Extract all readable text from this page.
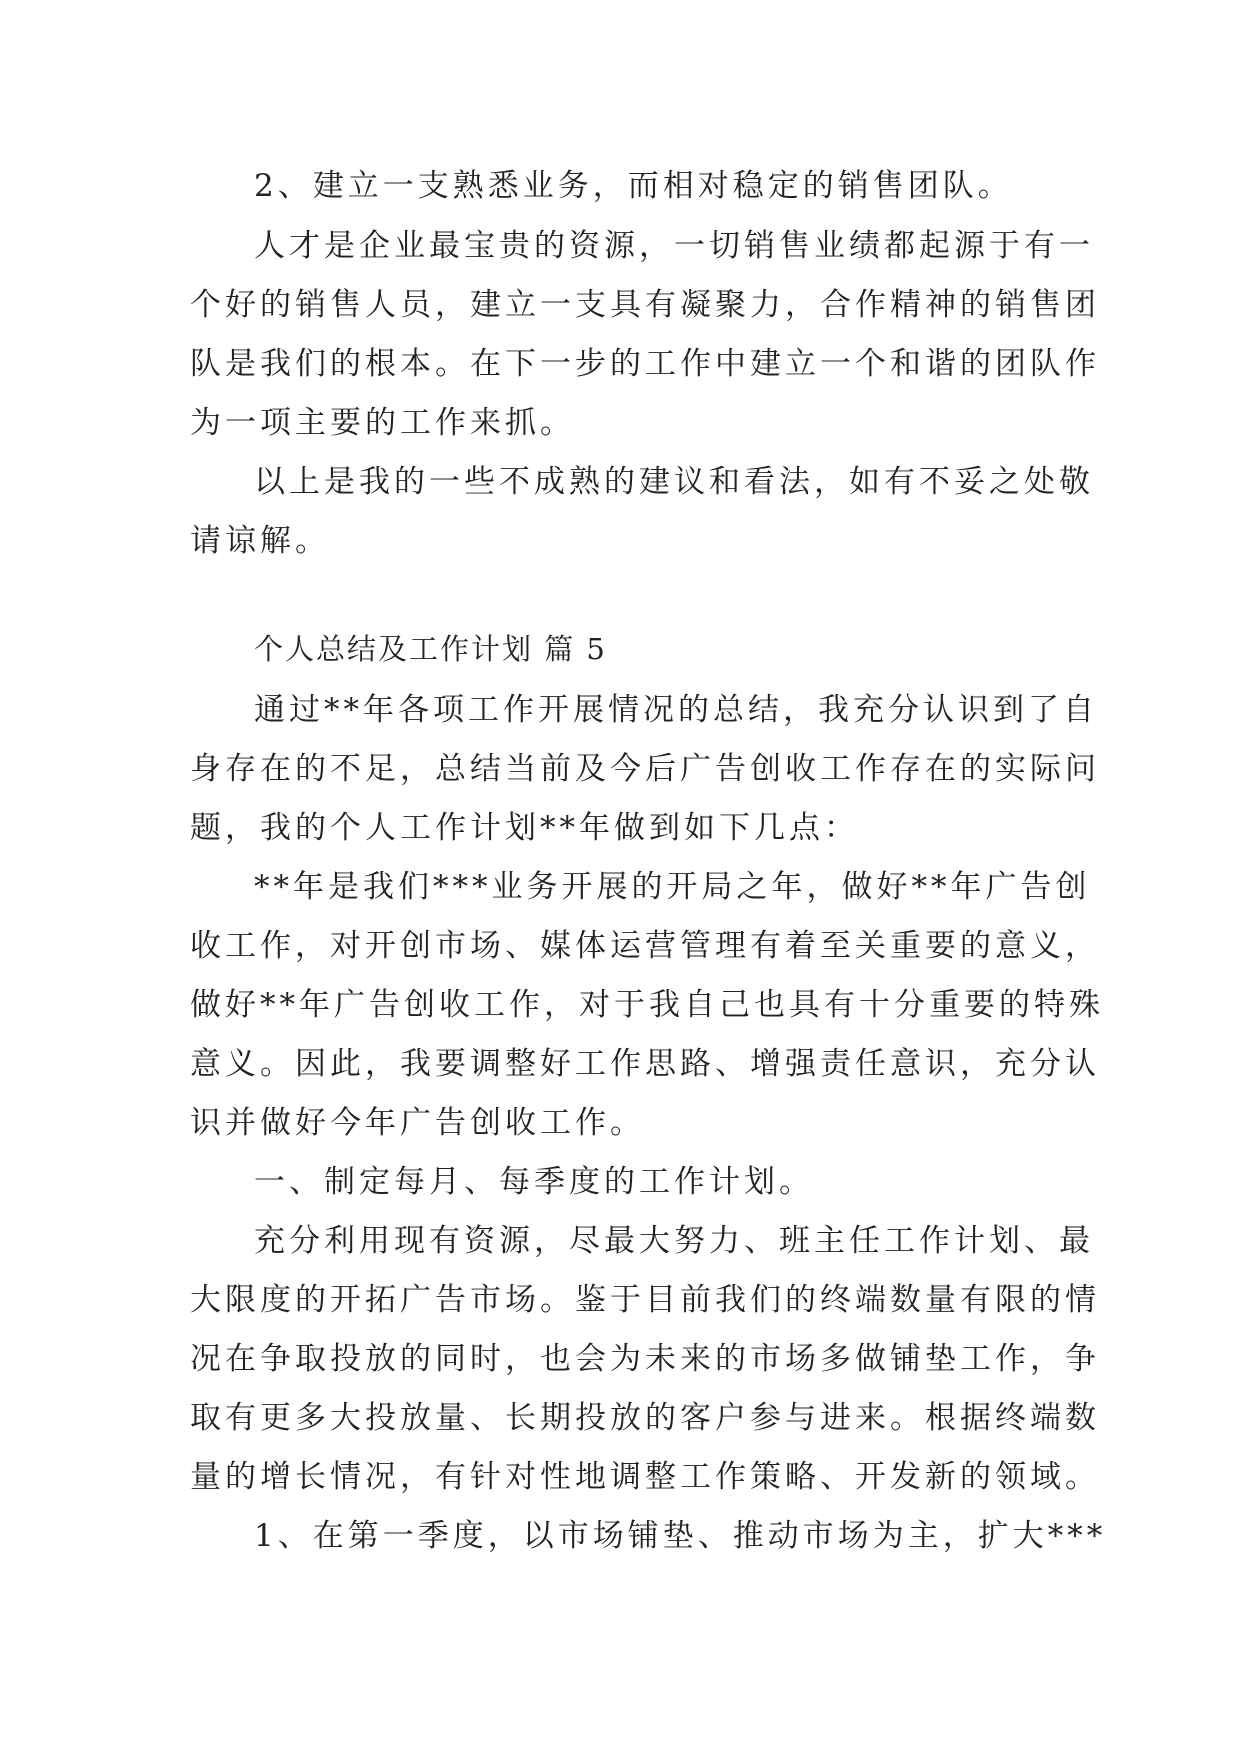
2、建立一支熟悉业务，而相对稳定的销售团队。
人才是企业最宝贵的资源，一切销售业绩都起源于有一
个好的销售人员，建立一支具有凝聚力，合作精神的销售团
队是我们的根本。在下一步的工作中建立一个和谐的团队作
为一项主要的工作来抓。
以上是我的一些不成熟的建议和看法，如有不妥之处敬
请谅解。
个人总结及工作计划 篇 5
通过**年各项工作开展情况的总结，我充分认识到了自
身存在的不足，总结当前及今后广告创收工作存在的实际问
题，我的个人工作计划**年做到如下几点：
**年是我们***业务开展的开局之年，做好**年广告创
收工作，对开创市场、媒体运营管理有着至关重要的意义，
做好**年广告创收工作，对于我自己也具有十分重要的特殊
意义。因此，我要调整好工作思路、增强责任意识，充分认
识并做好今年广告创收工作。
一、制定每月、每季度的工作计划。
充分利用现有资源，尽最大努力、班主任工作计划、最
大限度的开拓广告市场。鉴于目前我们的终端数量有限的情
况在争取投放的同时，也会为未来的市场多做铺垫工作，争
取有更多大投放量、长期投放的客户参与进来。根据终端数
量的增长情况，有针对性地调整工作策略、开发新的领域。
1、在第一季度，以市场铺垫、推动市场为主，扩大***
